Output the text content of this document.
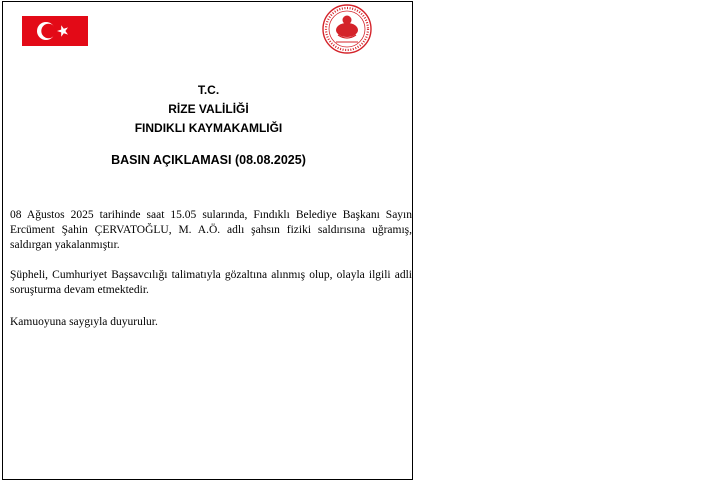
T.C.
RİZE VALİLİĞİ
FINDIKLI KAYMAKAMLIĞI
BASIN AÇIKLAMASI (08.08.2025)
08 Ağustos 2025 tarihinde saat 15.05 sularında, Fındıklı Belediye Başkanı Sayın Ercüment Şahin ÇERVATOĞLU, M. A.Ö. adlı şahsın fiziki saldırısına uğramış, saldırgan yakalanmıştır.
Şüpheli, Cumhuriyet Başsavcılığı talimatıyla gözaltına alınmış olup, olayla ilgili adli soruşturma devam etmektedir.
Kamuoyuna saygıyla duyurulur.
